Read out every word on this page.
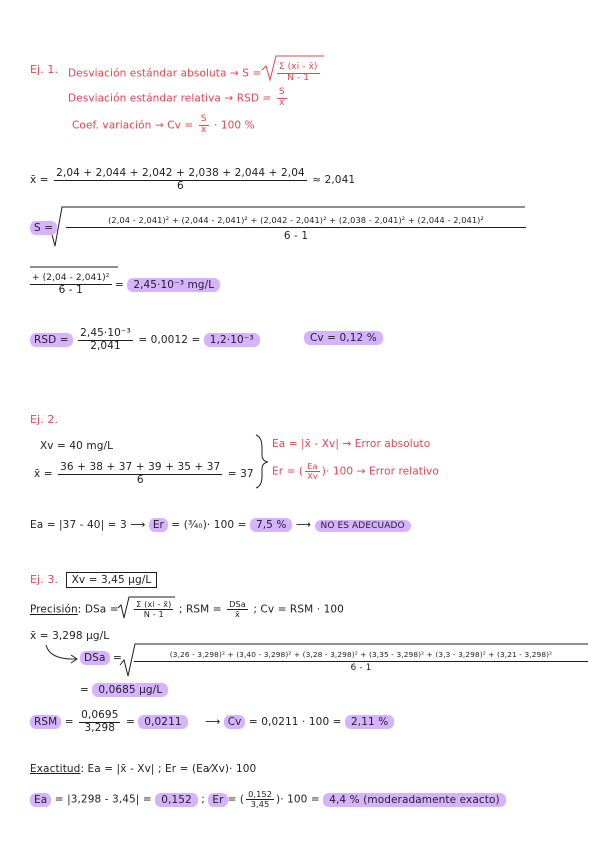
Ej. 1. Desviación estándar absoluta → $S = \frac{\Sigma (xi - x̄)}{N - 1}$
Desviación estándar relativa → RSD = $\frac{S}{x̄}$
Coef. variación → $Cv = \frac{S}{x̄} \cdot 100$ %
x̄ = $\frac{2,04 + 2,044 + 2,042 + 2,038 + 2,044 + 2,04}{6} \approx 2,041$
S =
(2,04 - 2,041)² + (2,044 - 2,041)² + (2,042 - 2,041)² + (2,038 - 2,041)² + (2,044 - 2,041)²
6 - 1
$\frac{\text{+ (2,04 - 2,041)²}}{6 - 1} = 2,45\cdot 10^{-3}$ mg/L
RSD = $\frac{\text{2,45·10⁻³}}{2,041} = 0,0012 = 1,2\cdot 10^{-3}$	Cv = 0,12 %
Ej. 2.
Xv = 40 mg/L
x̄ = $\frac{36 + 38 + 37 + 39 + 35 + 37}{6} = 37$
Ea = |x̄ - Xv| → Error absoluto
Er = ( $\frac{Ea}{Xv}$ )· 100 → Error relativo
Ea = |37 - 40| = 3 ⟶ Er = (³⁄₄₀)· 100 = 7,5 % ⟶ NO ES ADECUADO
Ej. 3. Xv = 3,45 µg/L
Precisión: DSa = $\frac{\Sigma (xi - x̄)}{N - 1}$ ; RSM = $\frac{\text{DSa}}{x̄}$ ; Cv = RSM · 100
x̄ = 3,298 µg/L
DSa =	(3,26 - 3,298)² + (3,40 - 3,298)² + (3,28 - 3,298)² + (3,35 - 3,298)² + (3,3 - 3,298)² + (3,21 - 3,298)²
6 - 1
= 0,0685 µg/L
RSM = $\frac{0,0695}{3,298} = 0,0211$ ⟶ Cv = 0,0211 · 100 = 2,11 %
Exactitud: Ea = |x̄ - Xv| ; Er = (Ea⁄Xv)· 100
Ea = |3,298 - 3,45| = 0,152 ; Er = ( $\frac{0,152}{3,45}$ )· 100 = 4,4 % (moderadamente exacto)
